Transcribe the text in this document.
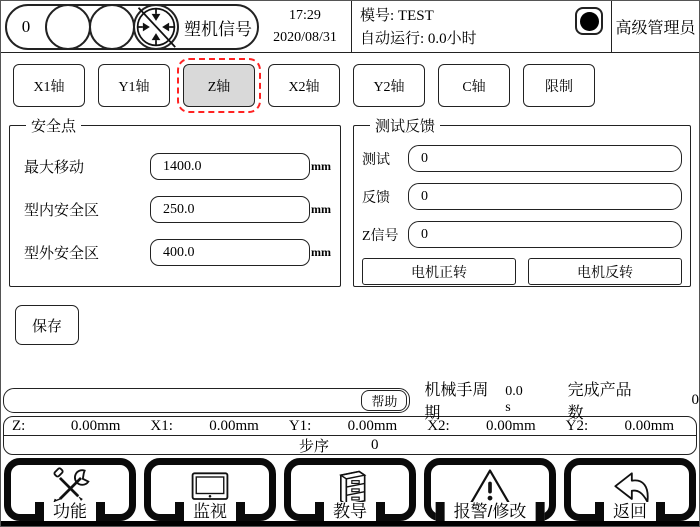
0	塑机信号
17:29
2020/08/31
模号: TEST
自动运行: 0.0小时
高级管理员
X1轴	Y1轴	Z轴	X2轴	Y2轴	C轴	限制
安全点
最大移动	1400.0	mm
型内安全区	250.0	mm
型外安全区	400.0	mm
测试反馈
测试	0
反馈	0
Z信号	0
电机正转	电机反转
保存
帮助
机械手周期
0.0 s
完成产品数
0
Z:	0.00mm	X1: 0.00mm	Y1: 0.00mm	X2: 0.00mm	Y2: 0.00mm
步序	0
功能	监视	教导	报警/修改	返回
